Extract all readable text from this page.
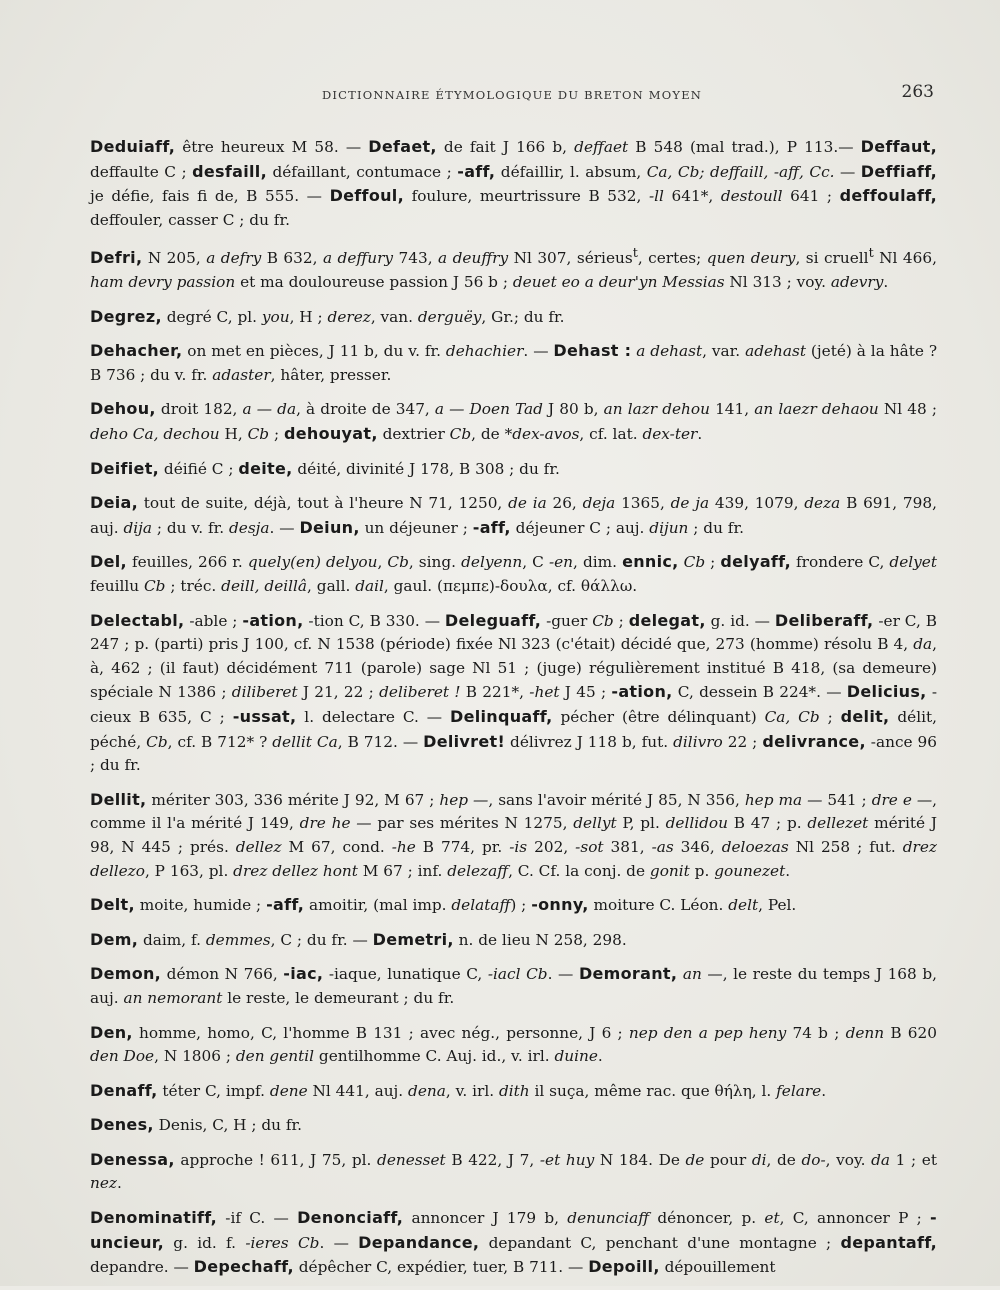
DICTIONNAIRE ÉTYMOLOGIQUE DU BRETON MOYEN	263

Deduiaff, être heureux M 58. — Defaet, de fait J 166 b, deffaet B 548 (mal trad.), P 113.— Deffaut, deffaulte C ; desfaill, défaillant, contumace ; -aff, défaillir, l. absum, Ca, Cb; deffaill, -aff, Cc. — Deffiaff, je défie, fais fi de, B 555. — Deffoul, foulure, meurtrissure B 532, -ll 641*, destoull 641 ; deffoulaff, deffouler, casser C ; du fr.

Defri, N 205, a defry B 632, a deffury 743, a deuffry Nl 307, sérieus$^t$, certes; quen deury, si cruell$^t$ Nl 466, ham devry passion et ma douloureuse passion J 56 b ; deuet eo a deur'yn Messias Nl 313 ; voy. adevry.

Degrez, degré C, pl. you, H ; derez, van. derguëy, Gr.; du fr.

Dehacher, on met en pièces, J 11 b, du v. fr. dehachier. — Dehast : a dehast, var. adehast (jeté) à la hâte ? B 736 ; du v. fr. adaster, hâter, presser.

Dehou, droit 182, a — da, à droite de 347, a — Doen Tad J 80 b, an lazr dehou 141, an laezr dehaou Nl 48 ; deho Ca, dechou H, Cb ; dehouyat, dextrier Cb, de *dex-avos, cf. lat. dex-ter.

Deifiet, déifié C ; deite, déité, divinité J 178, B 308 ; du fr.

Deia, tout de suite, déjà, tout à l'heure N 71, 1250, de ia 26, deja 1365, de ja 439, 1079, deza B 691, 798, auj. dija ; du v. fr. desja. — Deiun, un déjeuner ; -aff, déjeuner C ; auj. dijun ; du fr.

Del, feuilles, 266 r. quely(en) delyou, Cb, sing. delyenn, C -en, dim. ennic, Cb ; delyaff, frondere C, delyet feuillu Cb ; tréc. deill, deillâ, gall. dail, gaul. (πεμπε)-δουλα, cf. θάλλω.

Delectabl, -able ; -ation, -tion C, B 330. — Deleguaff, -guer Cb ; delegat, g. id. — Deliberaff, -er C, B 247 ; p. (parti) pris J 100, cf. N 1538 (période) fixée Nl 323 (c'était) décidé que, 273 (homme) résolu B 4, da, à, 462 ; (il faut) décidément 711 (parole) sage Nl 51 ; (juge) régulièrement institué B 418, (sa demeure) spéciale N 1386 ; diliberet J 21, 22 ; deliberet ! B 221*, -het J 45 ; -ation, C, dessein B 224*. — Delicius, -cieux B 635, C ; -ussat, l. delectare C. — Delinquaff, pécher (être délinquant) Ca, Cb ; delit, délit, péché, Cb, cf. B 712* ? dellit Ca, B 712. — Delivret! délivrez J 118 b, fut. dilivro 22 ; delivrance, -ance 96 ; du fr.

Dellit, mériter 303, 336 mérite J 92, M 67 ; hep —, sans l'avoir mérité J 85, N 356, hep ma — 541 ; dre e —, comme il l'a mérité J 149, dre he — par ses mérites N 1275, dellyt P, pl. dellidou B 47 ; p. dellezet mérité J 98, N 445 ; prés. dellez M 67, cond. -he B 774, pr. -is 202, -sot 381, -as 346, deloezas Nl 258 ; fut. drez dellezo, P 163, pl. drez dellez hont M 67 ; inf. delezaff, C. Cf. la conj. de gonit p. gounezet.

Delt, moite, humide ; -aff, amoitir, (mal imp. delataff) ; -onny, moiture C. Léon. delt, Pel.

Dem, daim, f. demmes, C ; du fr. — Demetri, n. de lieu N 258, 298.

Demon, démon N 766, -iac, -iaque, lunatique C, -iacl Cb. — Demorant, an —, le reste du temps J 168 b, auj. an nemorant le reste, le demeurant ; du fr.

Den, homme, homo, C, l'homme B 131 ; avec nég., personne, J 6 ; nep den a pep heny 74 b ; denn B 620 den Doe, N 1806 ; den gentil gentilhomme C. Auj. id., v. irl. duine.

Denaff, téter C, impf. dene Nl 441, auj. dena, v. irl. dith il suça, même rac. que θήλη, l. felare.

Denes, Denis, C, H ; du fr.

Denessa, approche ! 611, J 75, pl. denesset B 422, J 7, -et huy N 184. De de pour di, de do-, voy. da 1 ; et nez.

Denominatiff, -if C. — Denonciaff, annoncer J 179 b, denunciaff dénoncer, p. et, C, annoncer P ; -uncieur, g. id. f. -ieres Cb. — Depandance, depandant C, penchant d'une montagne ; depantaff, depandre. — Depechaff, dépêcher C, expédier, tuer, B 711. — Depoill, dépouillement
